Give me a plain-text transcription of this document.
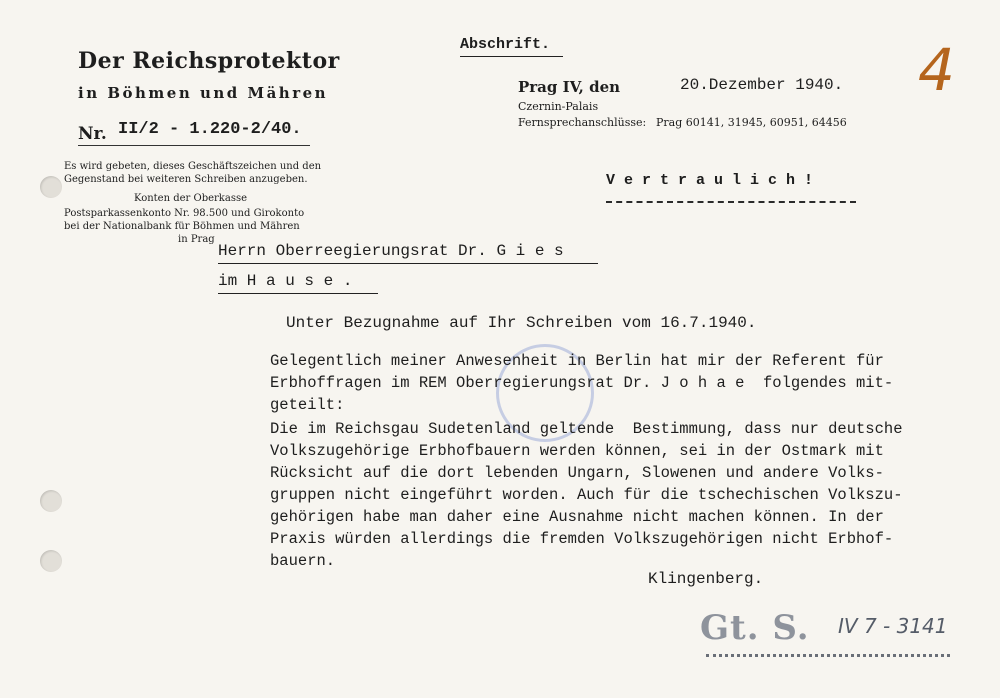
Der Reichsprotektor
in Böhmen und Mähren
Nr. II/2 - 1.220-2/40.
Es wird gebeten, dieses Geschäftszeichen und den
Gegenstand bei weiteren Schreiben anzugeben.
Konten der Oberkasse
Postsparkassenkonto Nr. 98.500 und Girokonto
bei der Nationalbank für Böhmen und Mähren
in Prag
Abschrift.
Prag IV, den	20.Dezember 1940.
Czernin-Palais
Fernsprechanschlüsse: Prag 60141, 31945, 60951, 64456
4
V e r t r a u l i c h !
Herrn Oberreegierungsrat Dr. G i e s
im H a u s e .
Unter Bezugnahme auf Ihr Schreiben vom 16.7.1940.
Gelegentlich meiner Anwesenheit in Berlin hat mir der Referent für
Erbhoffragen im REM Oberregierungsrat Dr. J o h a e  folgendes mit-
geteilt:
Die im Reichsgau Sudetenland geltende  Bestimmung, dass nur deutsche
Volkszugehörige Erbhofbauern werden können, sei in der Ostmark mit
Rücksicht auf die dort lebenden Ungarn, Slowenen und andere Volks-
gruppen nicht eingeführt worden. Auch für die tschechischen Volkszu-
gehörigen habe man daher eine Ausnahme nicht machen können. In der
Praxis würden allerdings die fremden Volkszugehörigen nicht Erbhof-
bauern.
Klingenberg.
Gt. S. IV 7 - 3141
